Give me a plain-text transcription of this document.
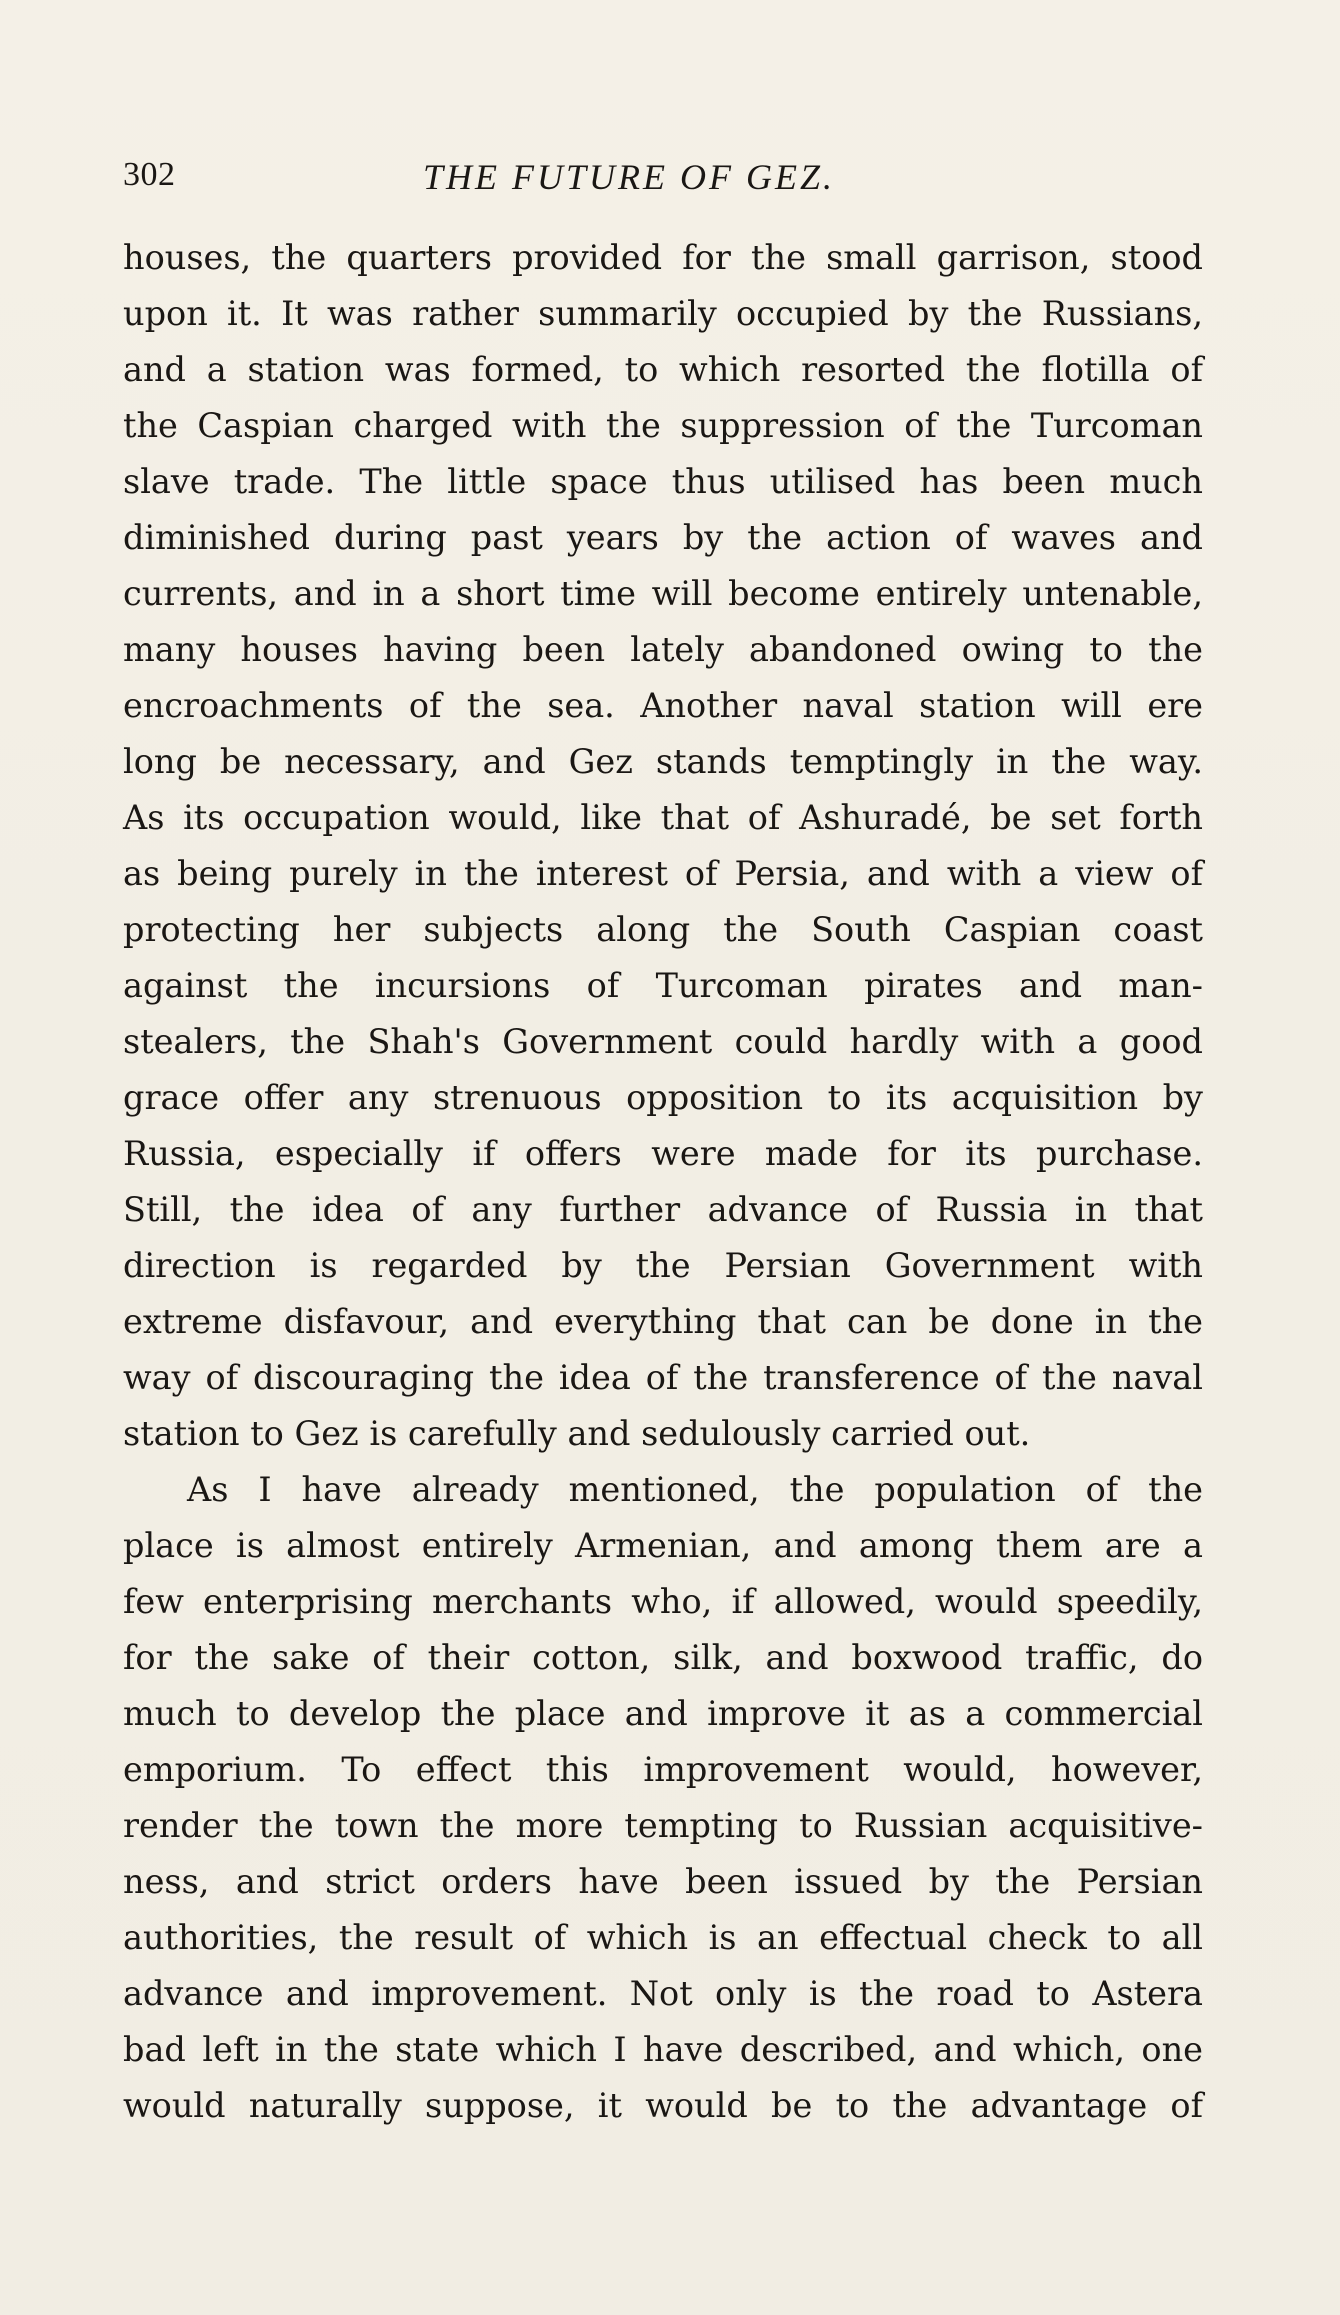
302	THE FUTURE OF GEZ.
houses, the quarters provided for the small garrison, stood
upon it. It was rather summarily occupied by the Russians,
and a station was formed, to which resorted the flotilla of
the Caspian charged with the suppression of the Turcoman
slave trade. The little space thus utilised has been much
diminished during past years by the action of waves and
currents, and in a short time will become entirely untenable,
many houses having been lately abandoned owing to the
encroachments of the sea. Another naval station will ere
long be necessary, and Gez stands temptingly in the way.
As its occupation would, like that of Ashuradé, be set forth
as being purely in the interest of Persia, and with a view of
protecting her subjects along the South Caspian coast
against the incursions of Turcoman pirates and man-
stealers, the Shah's Government could hardly with a good
grace offer any strenuous opposition to its acquisition by
Russia, especially if offers were made for its purchase.
Still, the idea of any further advance of Russia in that
direction is regarded by the Persian Government with
extreme disfavour, and everything that can be done in the
way of discouraging the idea of the transference of the naval
station to Gez is carefully and sedulously carried out.
As I have already mentioned, the population of the
place is almost entirely Armenian, and among them are a
few enterprising merchants who, if allowed, would speedily,
for the sake of their cotton, silk, and boxwood traffic, do
much to develop the place and improve it as a commercial
emporium. To effect this improvement would, however,
render the town the more tempting to Russian acquisitive-
ness, and strict orders have been issued by the Persian
authorities, the result of which is an effectual check to all
advance and improvement. Not only is the road to Astera
bad left in the state which I have described, and which, one
would naturally suppose, it would be to the advantage of
